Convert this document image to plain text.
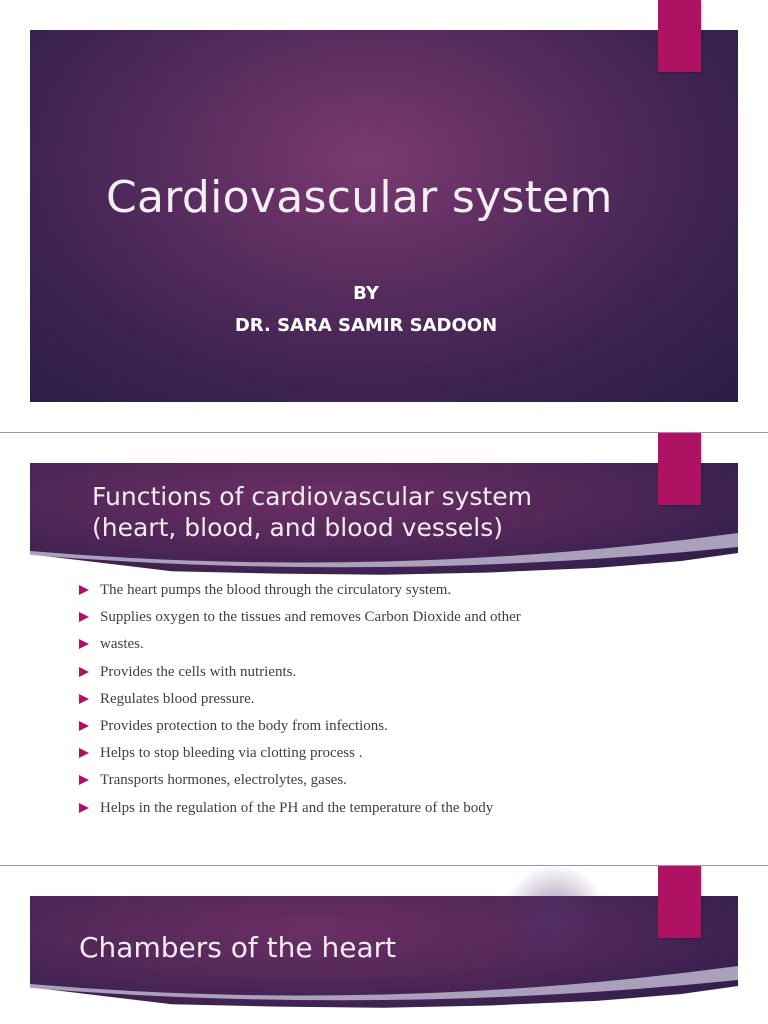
Cardiovascular system
BY
DR. SARA SAMIR SADOON
Functions of cardiovascular system
(heart, blood, and blood vessels)
The heart pumps the blood through the circulatory system.
Supplies oxygen to the tissues and removes Carbon Dioxide and other
wastes.
Provides the cells with nutrients.
Regulates blood pressure.
Provides protection to the body from infections.
Helps to stop bleeding via clotting process .
Transports hormones, electrolytes, gases.
Helps in the regulation of the PH and the temperature of the body
Chambers of the heart
